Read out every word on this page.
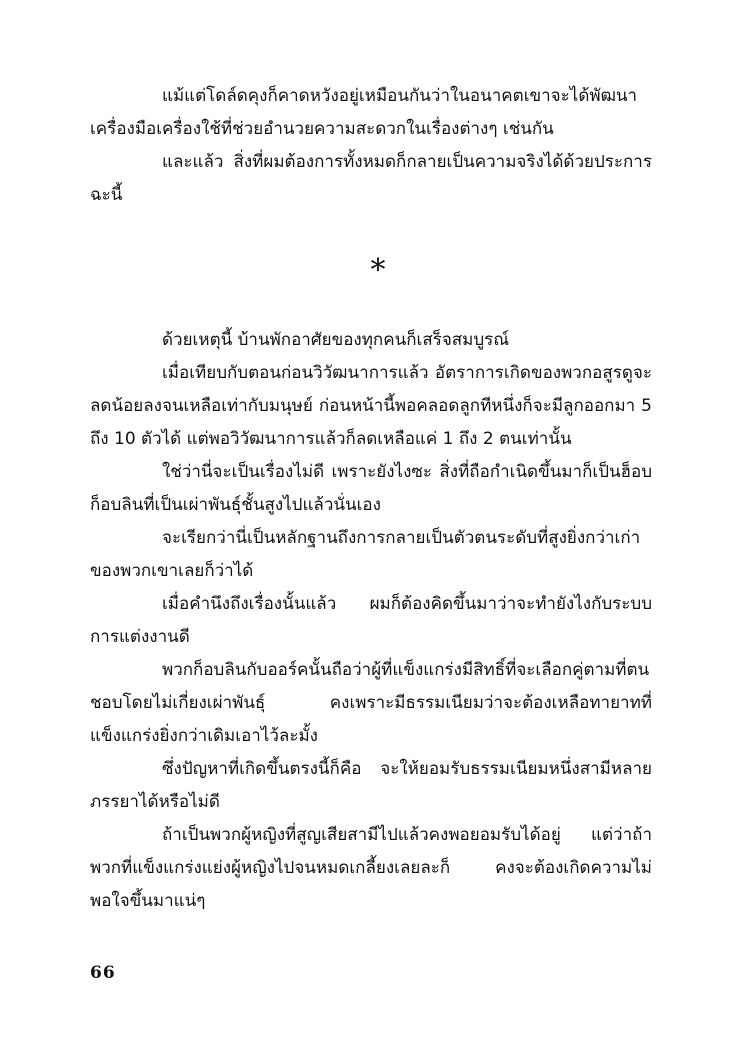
แม้แต่โดล์ดคุงก็คาดหวังอยู่เหมือนกันว่าในอนาคตเขาจะได้พัฒนาเครื่องมือเครื่องใช้ที่ช่วยอำนวยความสะดวกในเรื่องต่างๆ เช่นกัน

และแล้ว สิ่งที่ผมต้องการทั้งหมดก็กลายเป็นความจริงได้ด้วยประการฉะนี้

*

ด้วยเหตุนี้ บ้านพักอาศัยของทุกคนก็เสร็จสมบูรณ์

เมื่อเทียบกับตอนก่อนวิวัฒนาการแล้ว อัตราการเกิดของพวกอสูรดูจะลดน้อยลงจนเหลือเท่ากับมนุษย์ ก่อนหน้านี้พอคลอดลูกทีหนึ่งก็จะมีลูกออกมา 5 ถึง 10 ตัวได้ แต่พอวิวัฒนาการแล้วก็ลดเหลือแค่ 1 ถึง 2 ตนเท่านั้น

ใช่ว่านี่จะเป็นเรื่องไม่ดี เพราะยังไงซะ สิ่งที่ถือกำเนิดขึ้นมาก็เป็นฮ็อบก็อบลินที่เป็นเผ่าพันธุ์ชั้นสูงไปแล้วนั่นเอง

จะเรียกว่านี่เป็นหลักฐานถึงการกลายเป็นตัวตนระดับที่สูงยิ่งกว่าเก่าของพวกเขาเลยก็ว่าได้

เมื่อคำนึงถึงเรื่องนั้นแล้ว ผมก็ต้องคิดขึ้นมาว่าจะทำยังไงกับระบบการแต่งงานดี

พวกก็อบลินกับออร์คนั้นถือว่าผู้ที่แข็งแกร่งมีสิทธิ์ที่จะเลือกคู่ตามที่ตนชอบโดยไม่เกี่ยงเผ่าพันธุ์ คงเพราะมีธรรมเนียมว่าจะต้องเหลือทายาทที่แข็งแกร่งยิ่งกว่าเดิมเอาไว้ละมั้ง

ซึ่งปัญหาที่เกิดขึ้นตรงนี้ก็คือ จะให้ยอมรับธรรมเนียมหนึ่งสามีหลายภรรยาได้หรือไม่ดี

ถ้าเป็นพวกผู้หญิงที่สูญเสียสามีไปแล้วคงพอยอมรับได้อยู่ แต่ว่าถ้าพวกที่แข็งแกร่งแย่งผู้หญิงไปจนหมดเกลี้ยงเลยละก็ คงจะต้องเกิดความไม่พอใจขึ้นมาแน่ๆ

66
